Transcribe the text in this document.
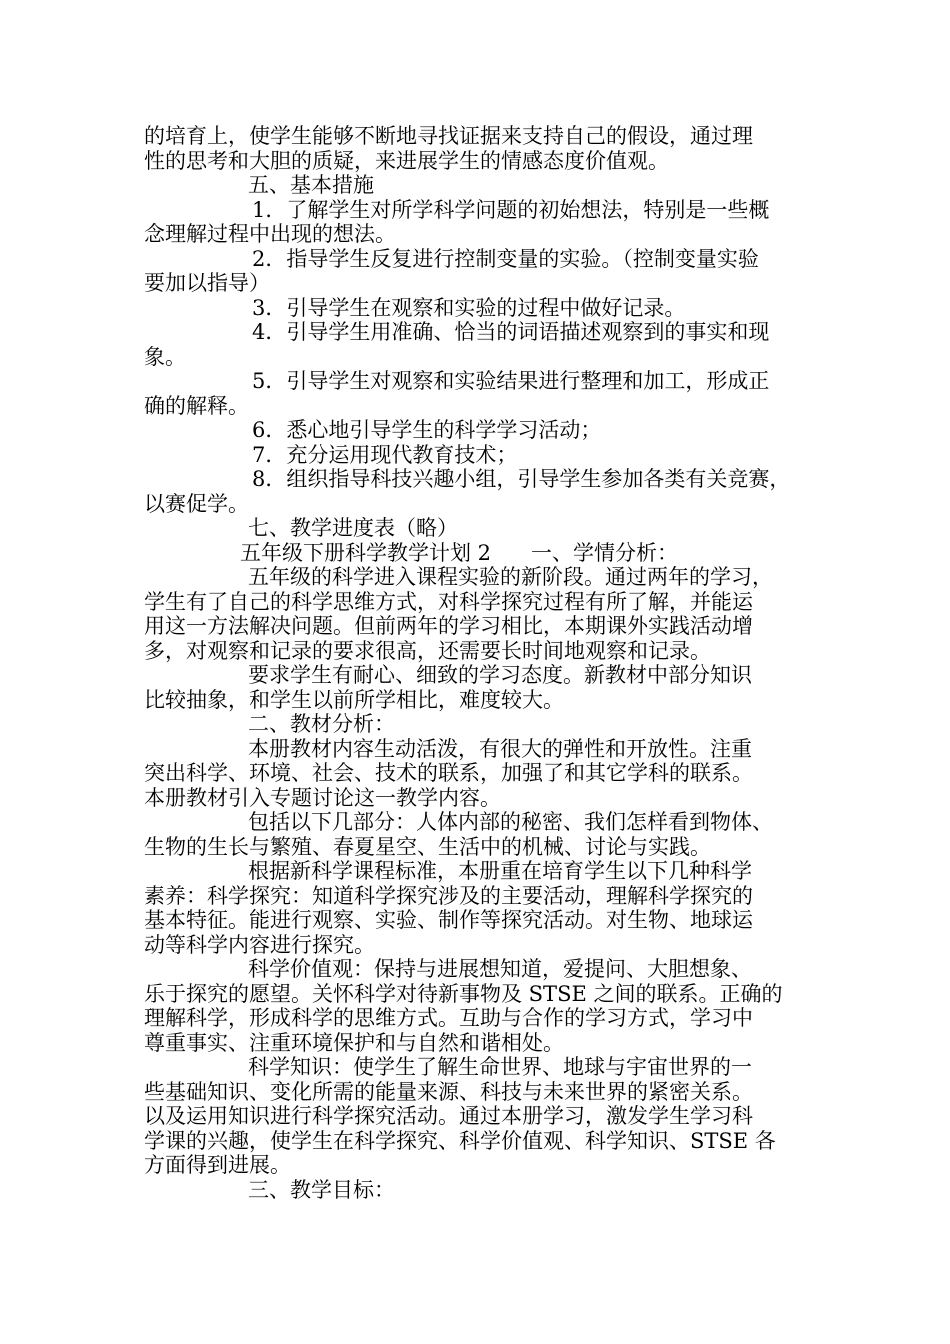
的培育上，使学生能够不断地寻找证据来支持自己的假设，通过理
性的思考和大胆的质疑，来进展学生的情感态度价值观。
五、基本措施
1．了解学生对所学科学问题的初始想法，特别是一些概
念理解过程中出现的想法。
2．指导学生反复进行控制变量的实验。（控制变量实验
要加以指导）
3．引导学生在观察和实验的过程中做好记录。
4．引导学生用准确、恰当的词语描述观察到的事实和现
象。
5．引导学生对观察和实验结果进行整理和加工，形成正
确的解释。
6．悉心地引导学生的科学学习活动；
7．充分运用现代教育技术；
8．组织指导科技兴趣小组，引导学生参加各类有关竞赛，
以赛促学。
七、教学进度表（略）
五年级下册科学教学计划 2 一、学情分析：
五年级的科学进入课程实验的新阶段。通过两年的学习，
学生有了自己的科学思维方式，对科学探究过程有所了解，并能运
用这一方法解决问题。但前两年的学习相比，本期课外实践活动增
多，对观察和记录的要求很高，还需要长时间地观察和记录。
要求学生有耐心、细致的学习态度。新教材中部分知识
比较抽象，和学生以前所学相比，难度较大。
二、教材分析：
本册教材内容生动活泼，有很大的弹性和开放性。注重
突出科学、环境、社会、技术的联系，加强了和其它学科的联系。
本册教材引入专题讨论这一教学内容。
包括以下几部分：人体内部的秘密、我们怎样看到物体、
生物的生长与繁殖、春夏星空、生活中的机械、讨论与实践。
根据新科学课程标准，本册重在培育学生以下几种科学
素养：科学探究：知道科学探究涉及的主要活动，理解科学探究的
基本特征。能进行观察、实验、制作等探究活动。对生物、地球运
动等科学内容进行探究。
科学价值观：保持与进展想知道，爱提问、大胆想象、
乐于探究的愿望。关怀科学对待新事物及 STSE 之间的联系。正确的
理解科学，形成科学的思维方式。互助与合作的学习方式，学习中
尊重事实、注重环境保护和与自然和谐相处。
科学知识：使学生了解生命世界、地球与宇宙世界的一
些基础知识、变化所需的能量来源、科技与未来世界的紧密关系。
以及运用知识进行科学探究活动。通过本册学习，激发学生学习科
学课的兴趣，使学生在科学探究、科学价值观、科学知识、STSE 各
方面得到进展。
三、教学目标：
